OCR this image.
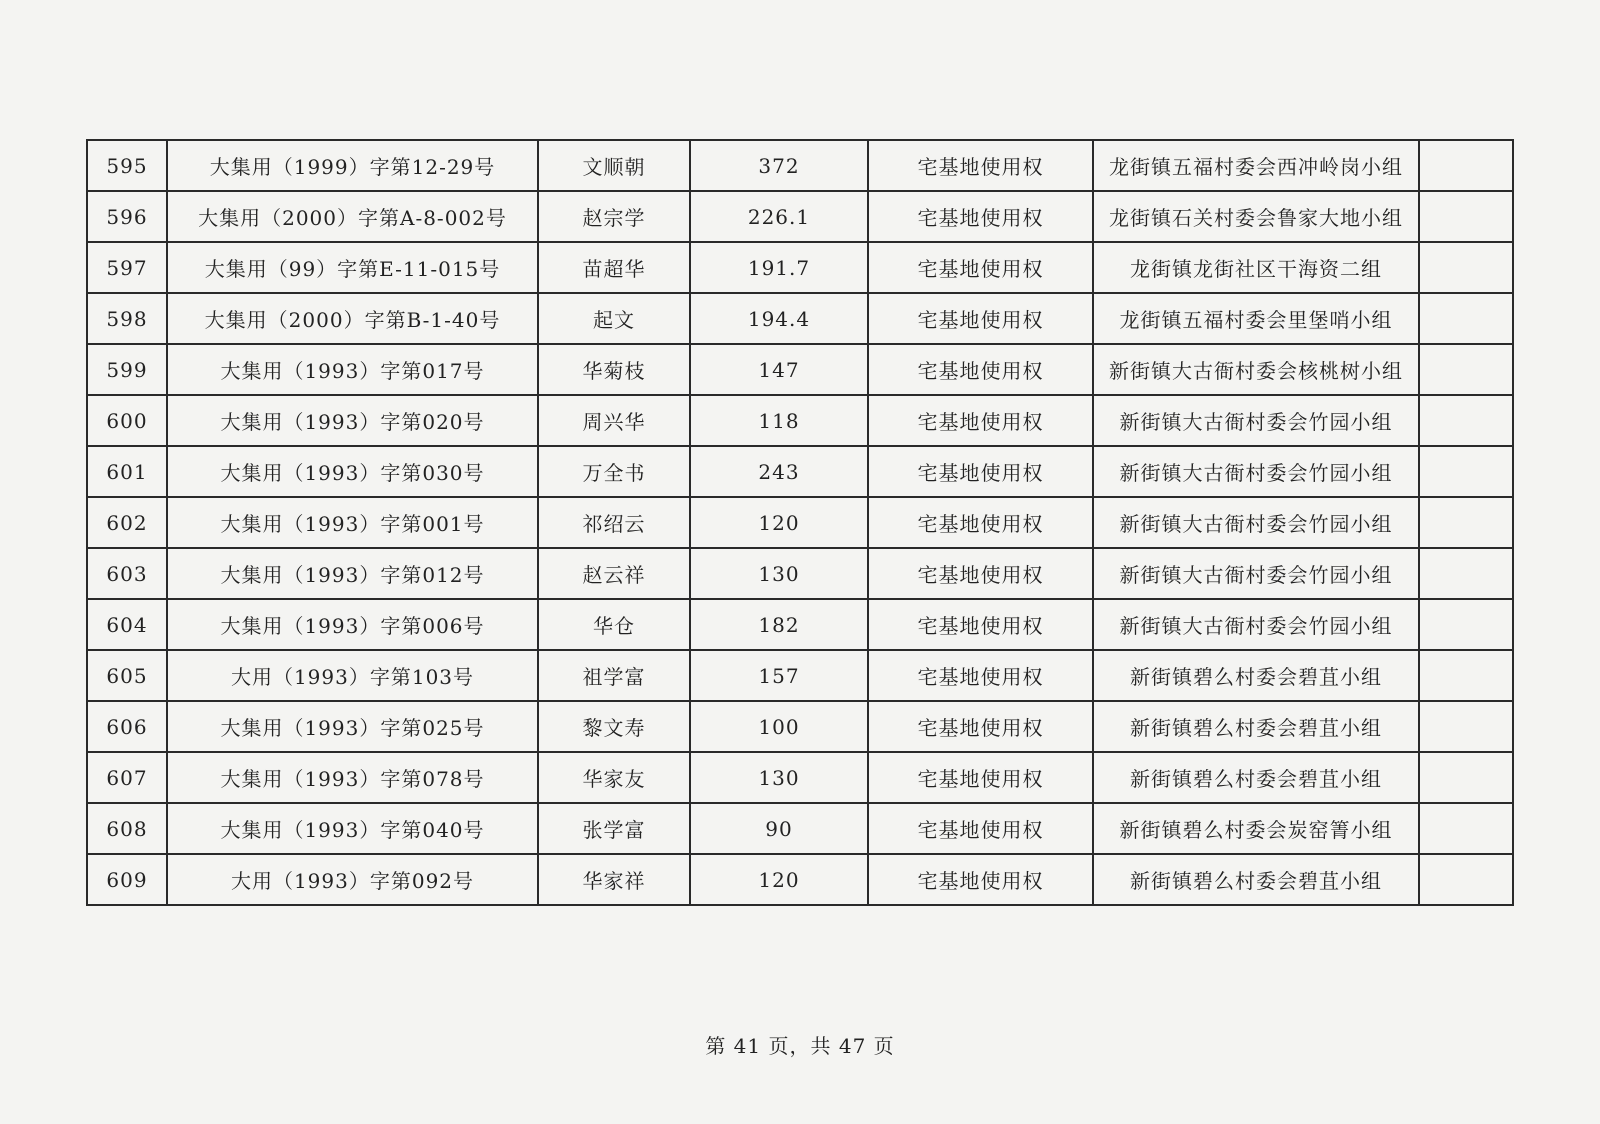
595	大集用（1999）字第12-29号	文顺朝	372	宅基地使用权	龙街镇五福村委会西冲岭岗小组	
596	大集用（2000）字第A-8-002号	赵宗学	226.1	宅基地使用权	龙街镇石关村委会鲁家大地小组	
597	大集用（99）字第E-11-015号	苗超华	191.7	宅基地使用权	龙街镇龙街社区干海资二组	
598	大集用（2000）字第B-1-40号	起文	194.4	宅基地使用权	龙街镇五福村委会里堡哨小组	
599	大集用（1993）字第017号	华菊枝	147	宅基地使用权	新街镇大古衙村委会核桃树小组	
600	大集用（1993）字第020号	周兴华	118	宅基地使用权	新街镇大古衙村委会竹园小组	
601	大集用（1993）字第030号	万全书	243	宅基地使用权	新街镇大古衙村委会竹园小组	
602	大集用（1993）字第001号	祁绍云	120	宅基地使用权	新街镇大古衙村委会竹园小组	
603	大集用（1993）字第012号	赵云祥	130	宅基地使用权	新街镇大古衙村委会竹园小组	
604	大集用（1993）字第006号	华仓	182	宅基地使用权	新街镇大古衙村委会竹园小组	
605	大用（1993）字第103号	祖学富	157	宅基地使用权	新街镇碧么村委会碧苴小组	
606	大集用（1993）字第025号	黎文寿	100	宅基地使用权	新街镇碧么村委会碧苴小组	
607	大集用（1993）字第078号	华家友	130	宅基地使用权	新街镇碧么村委会碧苴小组	
608	大集用（1993）字第040号	张学富	90	宅基地使用权	新街镇碧么村委会炭窑箐小组	
609	大用（1993）字第092号	华家祥	120	宅基地使用权	新街镇碧么村委会碧苴小组	
第 41 页，共 47 页
